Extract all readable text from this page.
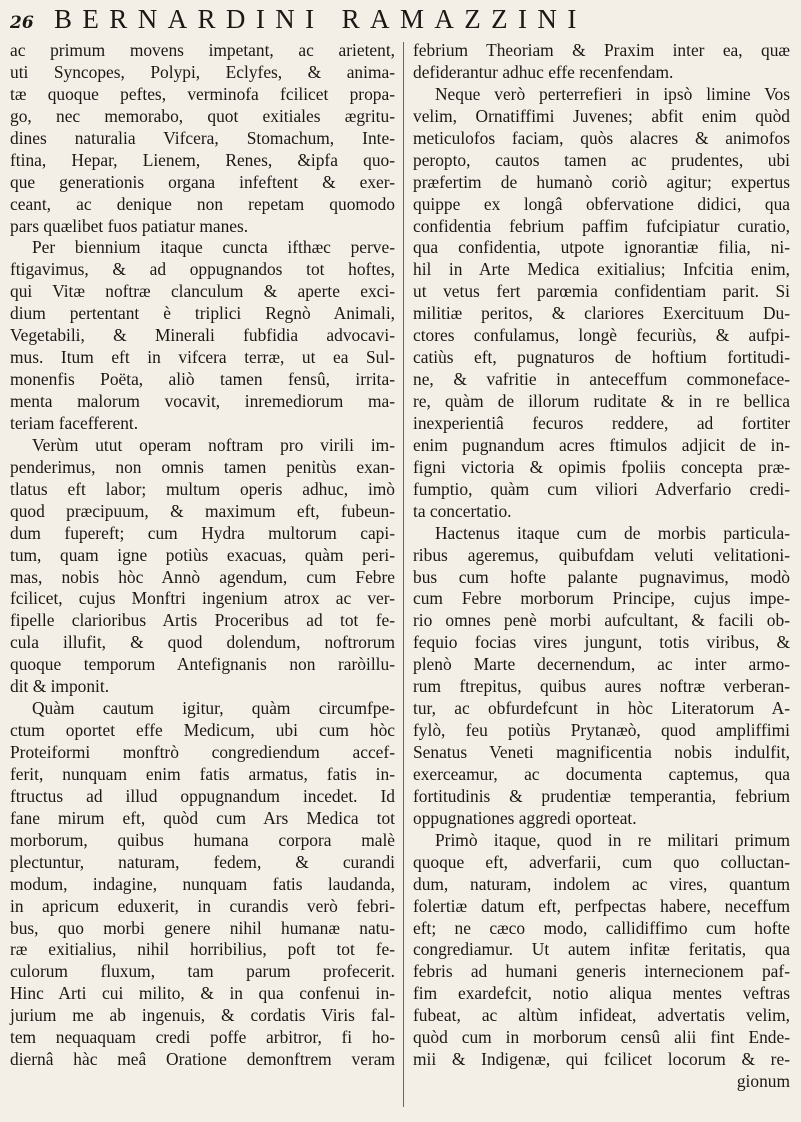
26 BERNARDINI RAMAZZINI
ac primum movens impetant, ac arietent,
uti Syncopes, Polypi, Eclyfes, & anima-
tæ quoque peftes, verminofa fcilicet propa-
go, nec memorabo, quot exitiales ægritu-
dines naturalia Vifcera, Stomachum, Inte-
ftina, Hepar, Lienem, Renes, &ipfa quo-
que generationis organa infeftent & exer-
ceant, ac denique non repetam quomodo
pars quælibet fuos patiatur manes.
Per biennium itaque cuncta ifthæc perve-
ftigavimus, & ad oppugnandos tot hoftes,
qui Vitæ noftræ clanculum & aperte exci-
dium pertentant è triplici Regnò Animali,
Vegetabili, & Minerali fubfidia advocavi-
mus. Itum eft in vifcera terræ, ut ea Sul-
monenfis Poëta, aliò tamen fensû, irrita-
menta malorum vocavit, inremediorum ma-
teriam facefferent.
Verùm utut operam noftram pro virili im-
penderimus, non omnis tamen penitùs exan-
tlatus eft labor; multum operis adhuc, imò
quod præcipuum, & maximum eft, fubeun-
dum fupereft; cum Hydra multorum capi-
tum, quam igne potiùs exacuas, quàm peri-
mas, nobis hòc Annò agendum, cum Febre
fcilicet, cujus Monftri ingenium atrox ac ver-
fipelle clarioribus Artis Proceribus ad tot fe-
cula illufit, & quod dolendum, noftrorum
quoque temporum Antefignanis non raròillu-
dit & imponit.
Quàm cautum igitur, quàm circumfpe-
ctum oportet effe Medicum, ubi cum hòc
Proteiformi monftrò congrediendum accef-
ferit, nunquam enim fatis armatus, fatis in-
ftructus ad illud oppugnandum incedet. Id
fane mirum eft, quòd cum Ars Medica tot
morborum, quibus humana corpora malè
plectuntur, naturam, fedem, & curandi
modum, indagine, nunquam fatis laudanda,
in apricum eduxerit, in curandis verò febri-
bus, quo morbi genere nihil humanæ natu-
ræ exitialius, nihil horribilius, poft tot fe-
culorum fluxum, tam parum profecerit.
Hinc Arti cui milito, & in qua confenui in-
jurium me ab ingenuis, & cordatis Viris fal-
tem nequaquam credi poffe arbitror, fi ho-
diernâ hàc meâ Oratione demonftrem veram
febrium Theoriam & Praxim inter ea, quæ
defiderantur adhuc effe recenfendam.
Neque verò perterrefieri in ipsò limine Vos
velim, Ornatiffimi Juvenes; abfit enim quòd
meticulofos faciam, quòs alacres & animofos
peropto, cautos tamen ac prudentes, ubi
præfertim de humanò coriò agitur; expertus
quippe ex longâ obfervatione didici, qua
confidentia febrium paffim fufcipiatur curatio,
qua confidentia, utpote ignorantiæ filia, ni-
hil in Arte Medica exitialius; Infcitia enim,
ut vetus fert parœmia confidentiam parit. Si
militiæ peritos, & clariores Exercituum Du-
ctores confulamus, longè fecuriùs, & aufpi-
catiùs eft, pugnaturos de hoftium fortitudi-
ne, & vafritie in anteceffum commoneface-
re, quàm de illorum ruditate & in re bellica
inexperientiâ fecuros reddere, ad fortiter
enim pugnandum acres ftimulos adjicit de in-
figni victoria & opimis fpoliis concepta præ-
fumptio, quàm cum viliori Adverfario credi-
ta concertatio.
Hactenus itaque cum de morbis particula-
ribus ageremus, quibufdam veluti velitationi-
bus cum hofte palante pugnavimus, modò
cum Febre morborum Principe, cujus impe-
rio omnes penè morbi aufcultant, & facili ob-
fequio focias vires jungunt, totis viribus, &
plenò Marte decernendum, ac inter armo-
rum ftrepitus, quibus aures noftræ verberan-
tur, ac obfurdefcunt in hòc Literatorum A-
fylò, feu potiùs Prytanæò, quod ampliffimi
Senatus Veneti magnificentia nobis indulfit,
exerceamur, ac documenta captemus, qua
fortitudinis & prudentiæ temperantia, febrium
oppugnationes aggredi oporteat.
Primò itaque, quod in re militari primum
quoque eft, adverfarii, cum quo colluctan-
dum, naturam, indolem ac vires, quantum
folertiæ datum eft, perfpectas habere, neceffum
eft; ne cæco modo, callidiffimo cum hofte
congrediamur. Ut autem infitæ feritatis, qua
febris ad humani generis internecionem paf-
fim exardefcit, notio aliqua mentes veftras
fubeat, ac altùm infideat, advertatis velim,
quòd cum in morborum censû alii fint Ende-
mii & Indigenæ, qui fcilicet locorum & re-
gionum
